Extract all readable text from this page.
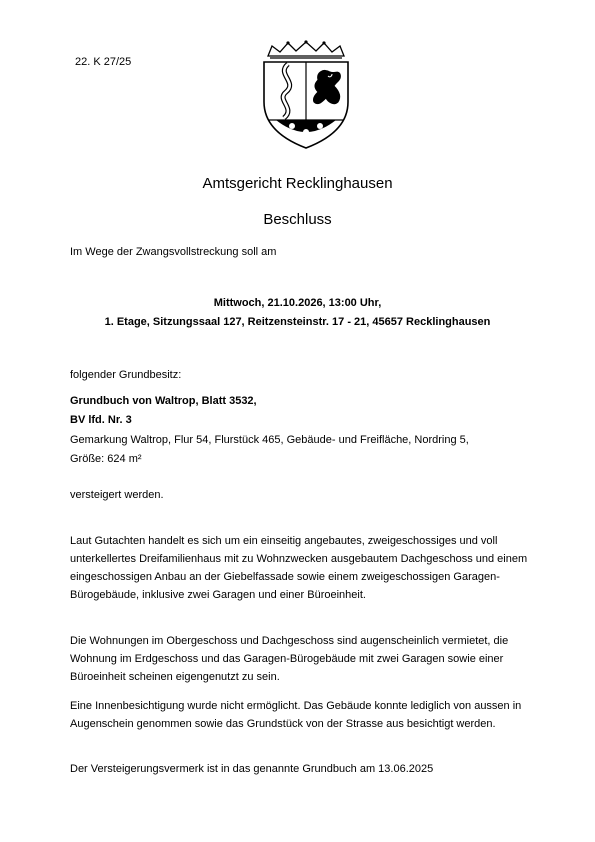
22. K 27/25
Amtsgericht Recklinghausen
Beschluss
Im Wege der Zwangsvollstreckung soll am
Mittwoch, 21.10.2026, 13:00 Uhr,
1. Etage, Sitzungssaal 127, Reitzensteinstr. 17 - 21, 45657 Recklinghausen
folgender Grundbesitz:
Grundbuch von Waltrop, Blatt 3532,
BV lfd. Nr. 3
Gemarkung Waltrop, Flur 54, Flurstück 465, Gebäude- und Freifläche, Nordring 5,
Größe: 624 m²
versteigert werden.
Laut Gutachten handelt es sich um ein einseitig angebautes, zweigeschossiges und voll unterkellertes Dreifamilienhaus mit zu Wohnzwecken ausgebautem Dachgeschoss und einem eingeschossigen Anbau an der Giebelfassade sowie einem zweigeschossigen Garagen-Bürogebäude, inklusive zwei Garagen und einer Büroeinheit.
Die Wohnungen im Obergeschoss und Dachgeschoss sind augenscheinlich vermietet, die Wohnung im Erdgeschoss und das Garagen-Bürogebäude mit zwei Garagen sowie einer Büroeinheit scheinen eigengenutzt zu sein.
Eine Innenbesichtigung wurde nicht ermöglicht. Das Gebäude konnte lediglich von aussen in Augenschein genommen sowie das Grundstück von der Strasse aus besichtigt werden.
Der Versteigerungsvermerk ist in das genannte Grundbuch am 13.06.2025
